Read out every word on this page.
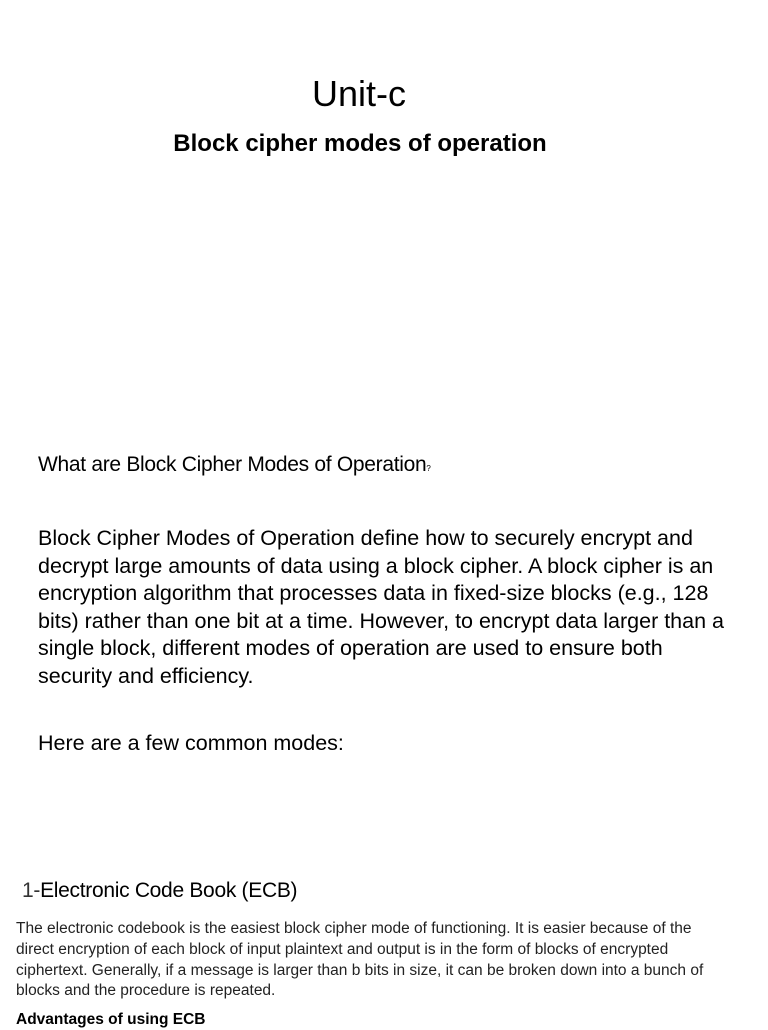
Unit-c
Block cipher modes of operation
What are Block Cipher Modes of Operation?

Block Cipher Modes of Operation define how to securely encrypt and decrypt large amounts of data using a block cipher. A block cipher is an encryption algorithm that processes data in fixed-size blocks (e.g., 128 bits) rather than one bit at a time. However, to encrypt data larger than a single block, different modes of operation are used to ensure both security and efficiency.

Here are a few common modes:

1-Electronic Code Book (ECB)

The electronic codebook is the easiest block cipher mode of functioning. It is easier because of the direct encryption of each block of input plaintext and output is in the form of blocks of encrypted ciphertext. Generally, if a message is larger than b bits in size, it can be broken down into a bunch of blocks and the procedure is repeated.

Advantages of using ECB
